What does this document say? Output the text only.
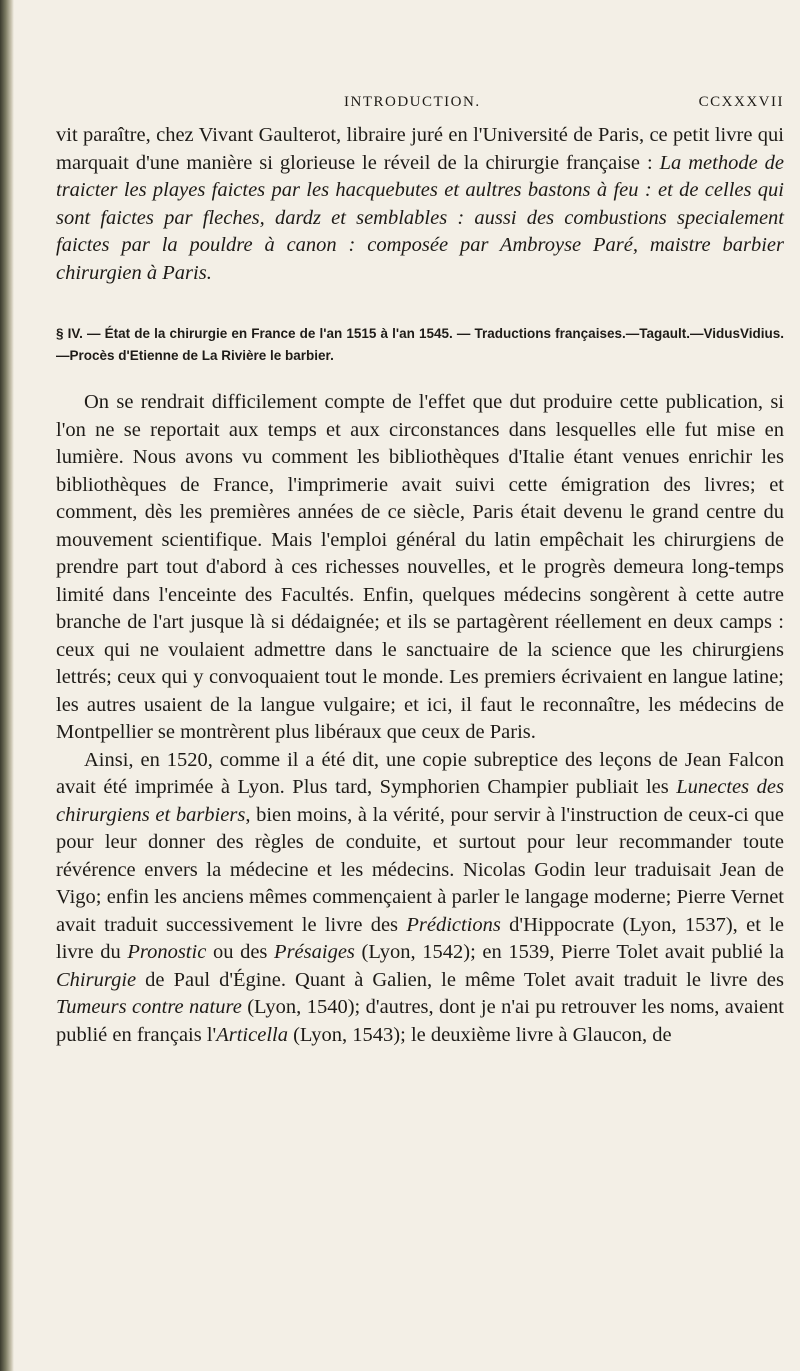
INTRODUCTION.	CCXXXVII

vit paraître, chez Vivant Gaulterot, libraire juré en l'Université de Paris, ce petit livre qui marquait d'une manière si glorieuse le réveil de la chirurgie française : La methode de traicter les playes faictes par les hacquebutes et aultres bastons à feu : et de celles qui sont faictes par fleches, dardz et semblables : aussi des combustions specialement faictes par la pouldre à canon : composée par Ambroyse Paré, maistre barbier chirurgien à Paris.

§ IV. — État de la chirurgie en France de l'an 1515 à l'an 1545. — Traductions françaises.—Tagault.—VidusVidius.—Procès d'Etienne de La Rivière le barbier.

On se rendrait difficilement compte de l'effet que dut produire cette publication, si l'on ne se reportait aux temps et aux circonstances dans lesquelles elle fut mise en lumière. Nous avons vu comment les bibliothèques d'Italie étant venues enrichir les bibliothèques de France, l'imprimerie avait suivi cette émigration des livres; et comment, dès les premières années de ce siècle, Paris était devenu le grand centre du mouvement scientifique. Mais l'emploi général du latin empêchait les chirurgiens de prendre part tout d'abord à ces richesses nouvelles, et le progrès demeura long-temps limité dans l'enceinte des Facultés. Enfin, quelques médecins songèrent à cette autre branche de l'art jusque là si dédaignée; et ils se partagèrent réellement en deux camps : ceux qui ne voulaient admettre dans le sanctuaire de la science que les chirurgiens lettrés; ceux qui y convoquaient tout le monde. Les premiers écrivaient en langue latine; les autres usaient de la langue vulgaire; et ici, il faut le reconnaître, les médecins de Montpellier se montrèrent plus libéraux que ceux de Paris.

Ainsi, en 1520, comme il a été dit, une copie subreptice des leçons de Jean Falcon avait été imprimée à Lyon. Plus tard, Symphorien Champier publiait les Lunectes des chirurgiens et barbiers, bien moins, à la vérité, pour servir à l'instruction de ceux-ci que pour leur donner des règles de conduite, et surtout pour leur recommander toute révérence envers la médecine et les médecins. Nicolas Godin leur traduisait Jean de Vigo; enfin les anciens mêmes commençaient à parler le langage moderne; Pierre Vernet avait traduit successivement le livre des Prédictions d'Hippocrate (Lyon, 1537), et le livre du Pronostic ou des Présaiges (Lyon, 1542); en 1539, Pierre Tolet avait publié la Chirurgie de Paul d'Égine. Quant à Galien, le même Tolet avait traduit le livre des Tumeurs contre nature (Lyon, 1540); d'autres, dont je n'ai pu retrouver les noms, avaient publié en français l'Articella (Lyon, 1543); le deuxième livre à Glaucon, de
